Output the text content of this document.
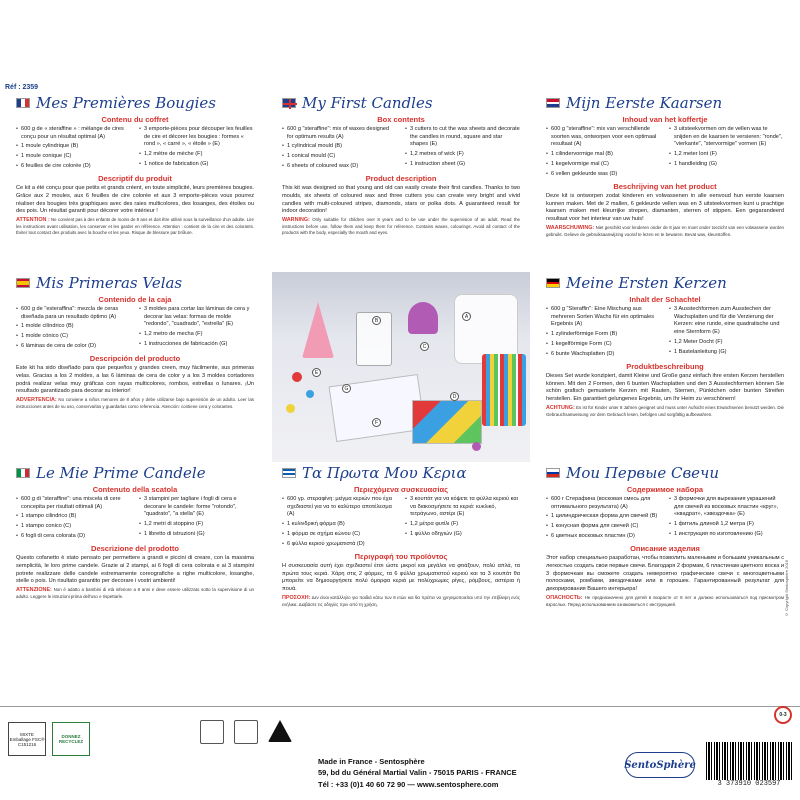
Réf : 2359
Mes Premières Bougies
Contenu du coffret
• 600 g de « steraffine » : mélange de cires conçu pour un résultat optimal (A)
• 1 moule cylindrique (B)
• 1 moule conique (C)
• 6 feuilles de cire colorée (D)
• 3 emporte-pièces pour découper les feuilles de cire et décorer les bougies : formes « rond », « carré », « étoile » (E)
• 1,2 mètre de mèche (F)
• 1 notice de fabrication (G)
Descriptif du produit
Ce kit a été conçu pour que petits et grands créent, en toute simplicité, leurs premières bougies. Grâce aux 2 moules, aux 6 feuilles de cire colorée et aux 3 emporte-pièces vous pourrez réaliser des bougies très graphiques avec des raies multicolores, des losanges, des étoiles ou des pois. Un résultat garanti pour décorer votre intérieur !
ATTENTION : Ne convient pas à des enfants de moins de 8 ans et doit être utilisé sous la surveillance d'un adulte. Lire les instructions avant utilisation, les conserver et les garder en référence. Attention : contient de la cire et des colorants. Éviter tout contact des produits avec la bouche et les yeux. Risque de blessure par brûlure.
My First Candles
Box contents
• 600 g "steraffine": mix of waxes designed for optimum results (A)
• 1 cylindrical mould (B)
• 1 conical mould (C)
• 6 sheets of coloured wax (D)
• 3 cutters to cut the wax sheets and decorate the candles in round, square and star shapes (E)
• 1,2 metres of wick (F)
• 1 instruction sheet (G)
Product description
This kit was designed so that young and old can easily create their first candles. Thanks to two moulds, six sheets of coloured wax and three cutters you can create very bright and vivid candles with multi-coloured stripes, diamonds, stars or polka dots. A guaranteed result for indoor decoration!
WARNING: Only suitable for children over 8 years and to be use under the supervision of an adult. Read the instructions before use, follow them and keep them for reference. Contains waxes, colourings. Avoid all contact of the products with the body, especially the mouth and eyes.
Mijn Eerste Kaarsen
Inhoud van het koffertje
• 600 g "steraffine": mix van verschillende soorten was, ontworpen voor een optimaal resultaat (A)
• 1 cilindervormige mal (B)
• 1 kegelvormige mal (C)
• 6 vellen gekleurde was (D)
• 3 uitsteekvormen om de vellen was te snijden en de kaarsen te versieren: "ronde", "vierkante", "stervormige" vormen (E)
• 1,2 meter lont (F)
• 1 handleiding (G)
Beschrijving van het product
Deze kit is ontworpen zodat kinderen en volwassenen in alle eenvoud hun eerste kaarsen kunnen maken. Met de 2 mallen, 6 gekleurde vellen was en 3 uitsteekvormen kunt u prachtige kaarsen maken met kleurrijke strepen, diamanten, sterren of stippen. Een gegarandeerd resultaat voor het interieur van uw huis!
WAARSCHUWING: Niet geschikt voor kinderen onder de 8 jaar en moet onder toezicht van een volwassene worden gebruikt. Gelieve de gebruiksaanwijzing vooraf te lezen en te bewaren. Bevat was, kleurstoffen.
Mis Primeras Velas
Contenido de la caja
• 600 g de "esteraffina": mezcla de ceras diseñada para un resultado óptimo (A)
• 1 molde cilíndrico (B)
• 1 molde cónico (C)
• 6 láminas de cera de color (D)
• 3 moldes para cortar las láminas de cera y decorar las velas: formas de molde "redondo", "cuadrado", "estrella" (E)
• 1,2 metro de mecha (F)
• 1 instrucciones de fabricación (G)
Descripción del producto
Este kit ha sido diseñado para que pequeños y grandes creen, muy fácilmente, sus primeras velas. Gracias a los 2 moldes, a las 6 láminas de cera de color y a los 3 moldes cortadores podrá realizar velas muy gráficas con rayas multicolores, rombos, estrellas o lunares. ¡Un resultado garantizado para decorar su interior!
ADVERTENCIA: No conviene a niños menores de 8 años y debe utilizarse bajo supervisión de un adulto. Leer las instrucciones antes de su uso, conservarlas y guardarlas como referencia. Atención: contiene cera y colorantes.
A
B
C
D
E
F
G
Meine Ersten Kerzen
Inhalt der Schachtel
• 600 g "Steraffin": Eine Mischung aus mehreren Sorten Wachs für ein optimales Ergebnis (A)
• 1 zylinderförmige Form (B)
• 1 kegelförmige Form (C)
• 6 bunte Wachsplatten (D)
• 3 Ausstechformen zum Ausstechen der Wachsplatten und für die Verzierung der Kerzen: eine runde, eine quadratische und eine Sternform (E)
• 1,2 Meter Docht (F)
• 1 Bastelanleitung (G)
Produktbeschreibung
Dieses Set wurde konzipiert, damit Kleine und Große ganz einfach ihre ersten Kerzen herstellen können. Mit den 2 Formen, den 6 bunten Wachsplatten und den 3 Ausstechformen können Sie schön grafisch gemusterte Kerzen mit Rauten, Sternen, Pünktchen oder bunten Streifen herstellen. Ein garantiert gelungenes Ergebnis, um Ihr Heim zu verschönern!
ACHTUNG: Es ist für Kinder unter 8 Jahren geeignet und muss unter Aufsicht eines Erwachsenen benutzt werden. Die Gebrauchsanweisung vor dem Gebrauch lesen, befolgen und sorgfältig aufbewahren.
Le Mie Prime Candele
Contenuto della scatola
• 600 g di "steraffine": una miscela di cere concepita per risultati ottimali (A)
• 1 stampo cilindrico (B)
• 1 stampo conico (C)
• 6 fogli di cera colorata (D)
• 3 stampini per tagliare i fogli di cera e decorare le candele: forme "rotondo", "quadrato", "a stella" (E)
• 1,2 metri di stoppino (F)
• 1 libretto di istruzioni (G)
Descrizione del prodotto
Questo cofanetto è stato pensato per permettere a grandi e piccini di creare, con la massima semplicità, le loro prime candele. Grazie ai 2 stampi, ai 6 fogli di cera colorata e ai 3 stampini potrete realizzare delle candele estremamente coreografiche a righe multicolore, losanghe, stelle o pois. Un risultato garantito per decorare i vostri ambienti!
ATTENZIONE: Non è adatto a bambini di età inferiore a 8 anni e deve essere utilizzato sotto la supervisione di un adulto. Leggere le istruzioni prima dell'uso e rispettarle.
Τα Πρωτα Μου Κερια
Περιεχόμενα συσκευασίας
• 600 γρ. στεραφίνη: μείγμα κεριών που έχει σχεδιαστεί για να το καλύτερο αποτέλεσμα (A)
• 1 κυλινδρική φόρμα (B)
• 1 φόρμα σε σχήμα κώνου (C)
• 6 φύλλα κεριού χρωματιστά (D)
• 3 κουπάτ για να κόψετε τα φύλλα κεριού και να διακοσμήσετε τα κεριά: κυκλικό, τετράγωνο, αστέρι (E)
• 1,2 μέτρα φυτίλι (F)
• 1 φύλλο οδηγιών (G)
Περιγραφή του προϊόντος
Η συσκευασία αυτή έχει σχεδιαστεί έτσι ώστε μικροί και μεγάλοι να φτιάξουν, πολύ απλά, τα πρώτα τους κεριά. Χάρη στις 2 φόρμες, τα 6 φύλλα χρωματιστού κεριού και τα 3 κουπάτ θα μπορείτε να δημιουργήσετε πολύ όμορφα κεριά με πολύχρωμες ρίγες, ρόμβους, αστέρια ή πουά.
ΠΡΟΣΟΧΗ: Δεν είναι κατάλληλο για παιδιά κάτω των 8 ετών και θα πρέπει να χρησιμοποιείται υπό την επίβλεψη ενός ενήλικα. Διαβάστε τις οδηγίες πριν από τη χρήση.
Мои Первые Свечи
Содержимое набора
• 600 г Стерафина (восковая смесь для оптимального результата) (A)
• 1 цилиндрическая форма для свечей (B)
• 1 конусная форма для свечей (C)
• 6 цветных восковых пластин (D)
• 3 формочки для вырезания украшений для свечей из восковых пластин «круг», «квадрат», «звездочка» (E)
• 1 фитиль длиной 1,2 метра (F)
• 1 инструкция по изготовлению (G)
Описание изделия
Этот набор специально разработан, чтобы позволить маленьким и большим уникальным с легкостью создать свои первые свечи. Благодаря 2 формам, 6 пластинам цветного воска и 3 формочкам вы сможете создать невероятно графические свечи с многоцветными полосками, ромбами, звездочками или в горошек. Гарантированный результат для декорирования Вашего интерьера!
ОПАСНОСТЬ: Не предназначено для детей в возрасте от 8 лет и должно использоваться под присмотром взрослых. Перед использованием ознакомиться с инструкцией.
MIXTE Emballage FSC® C151216
DONNEZ RECYCLEZ
Made in France - Sentosphère
59, bd du Général Martial Valin - 75015 PARIS - FRANCE
Tél : +33 (0)1 40 60 72 90 — www.sentosphere.com
SentoSphère
0-3
3 373910 023597
© Copyright Sentosphère 2016
